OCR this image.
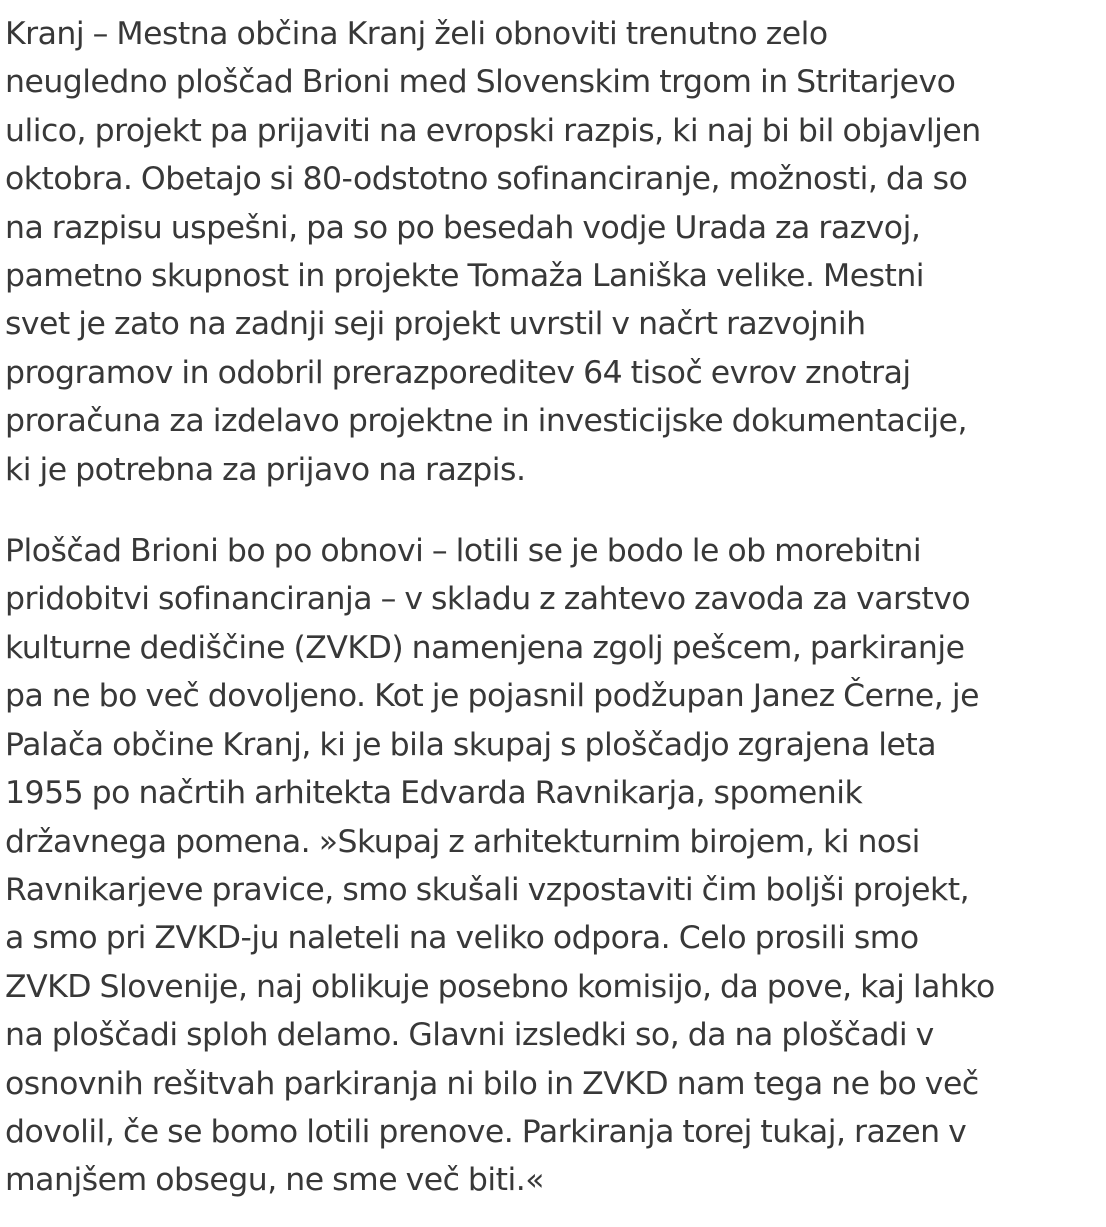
Kranj – Mestna občina Kranj želi obnoviti trenutno zelo
neugledno ploščad Brioni med Slovenskim trgom in Stritarjevo
ulico, projekt pa prijaviti na evropski razpis, ki naj bi bil objavljen
oktobra. Obetajo si 80-odstotno sofinanciranje, možnosti, da so
na razpisu uspešni, pa so po besedah vodje Urada za razvoj,
pametno skupnost in projekte Tomaža Laniška velike. Mestni
svet je zato na zadnji seji projekt uvrstil v načrt razvojnih
programov in odobril prerazporeditev 64 tisoč evrov znotraj
proračuna za izdelavo projektne in investicijske dokumentacije,
ki je potrebna za prijavo na razpis.

Ploščad Brioni bo po obnovi – lotili se je bodo le ob morebitni
pridobitvi sofinanciranja – v skladu z zahtevo zavoda za varstvo
kulturne dediščine (ZVKD) namenjena zgolj pešcem, parkiranje
pa ne bo več dovoljeno. Kot je pojasnil podžupan Janez Černe, je
Palača občine Kranj, ki je bila skupaj s ploščadjo zgrajena leta
1955 po načrtih arhitekta Edvarda Ravnikarja, spomenik
državnega pomena. »Skupaj z arhitekturnim birojem, ki nosi
Ravnikarjeve pravice, smo skušali vzpostaviti čim boljši projekt,
a smo pri ZVKD-ju naleteli na veliko odpora. Celo prosili smo
ZVKD Slovenije, naj oblikuje posebno komisijo, da pove, kaj lahko
na ploščadi sploh delamo. Glavni izsledki so, da na ploščadi v
osnovnih rešitvah parkiranja ni bilo in ZVKD nam tega ne bo več
dovolil, če se bomo lotili prenove. Parkiranja torej tukaj, razen v
manjšem obsegu, ne sme več biti.«
